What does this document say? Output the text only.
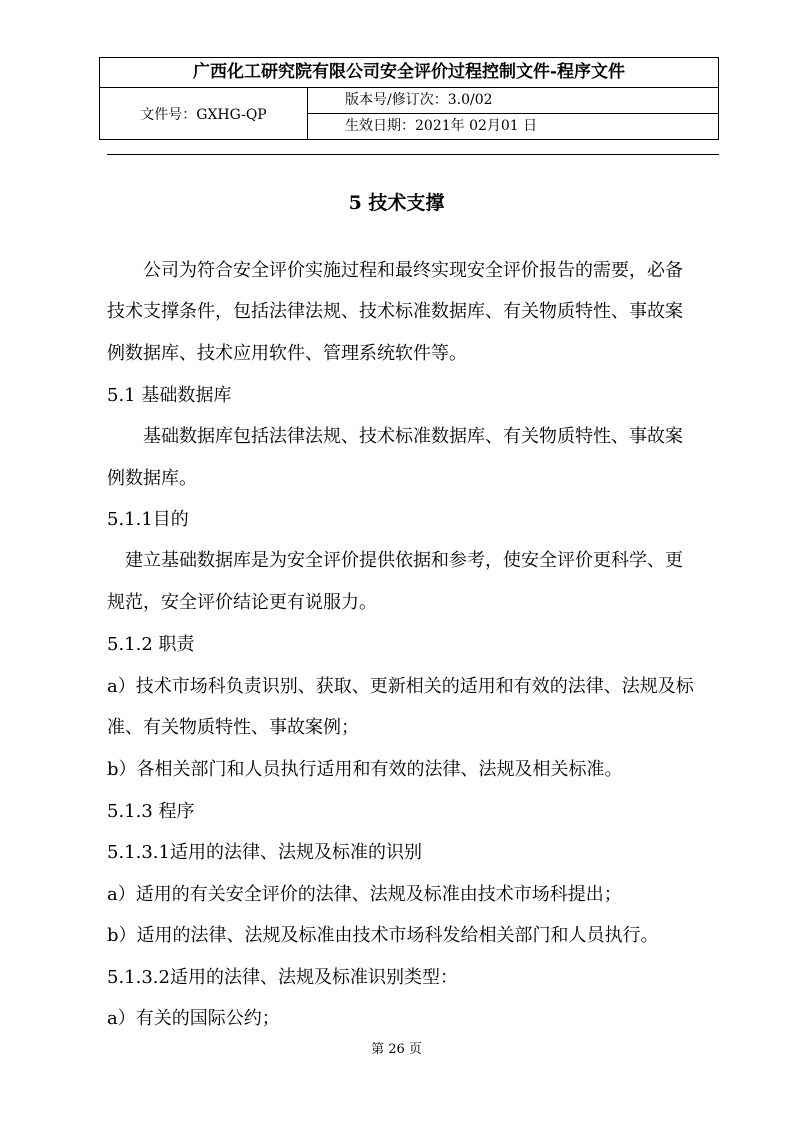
广西化工研究院有限公司安全评价过程控制文件-程序文件
文件号：GXHG-QP	版本号/修订次：3.0/02
生效日期：2021年 02月01 日
5 技术支撑
　　公司为符合安全评价实施过程和最终实现安全评价报告的需要，必备
技术支撑条件，包括法律法规、技术标准数据库、有关物质特性、事故案
例数据库、技术应用软件、管理系统软件等。
5.1 基础数据库
　　基础数据库包括法律法规、技术标准数据库、有关物质特性、事故案
例数据库。
5.1.1目的
　建立基础数据库是为安全评价提供依据和参考，使安全评价更科学、更
规范，安全评价结论更有说服力。
5.1.2 职责
a）技术市场科负责识别、获取、更新相关的适用和有效的法律、法规及标
准、有关物质特性、事故案例；
b）各相关部门和人员执行适用和有效的法律、法规及相关标准。
5.1.3 程序
5.1.3.1适用的法律、法规及标准的识别
a）适用的有关安全评价的法律、法规及标准由技术市场科提出；
b）适用的法律、法规及标准由技术市场科发给相关部门和人员执行。
5.1.3.2适用的法律、法规及标准识别类型：
a）有关的国际公约；
第 26 页
